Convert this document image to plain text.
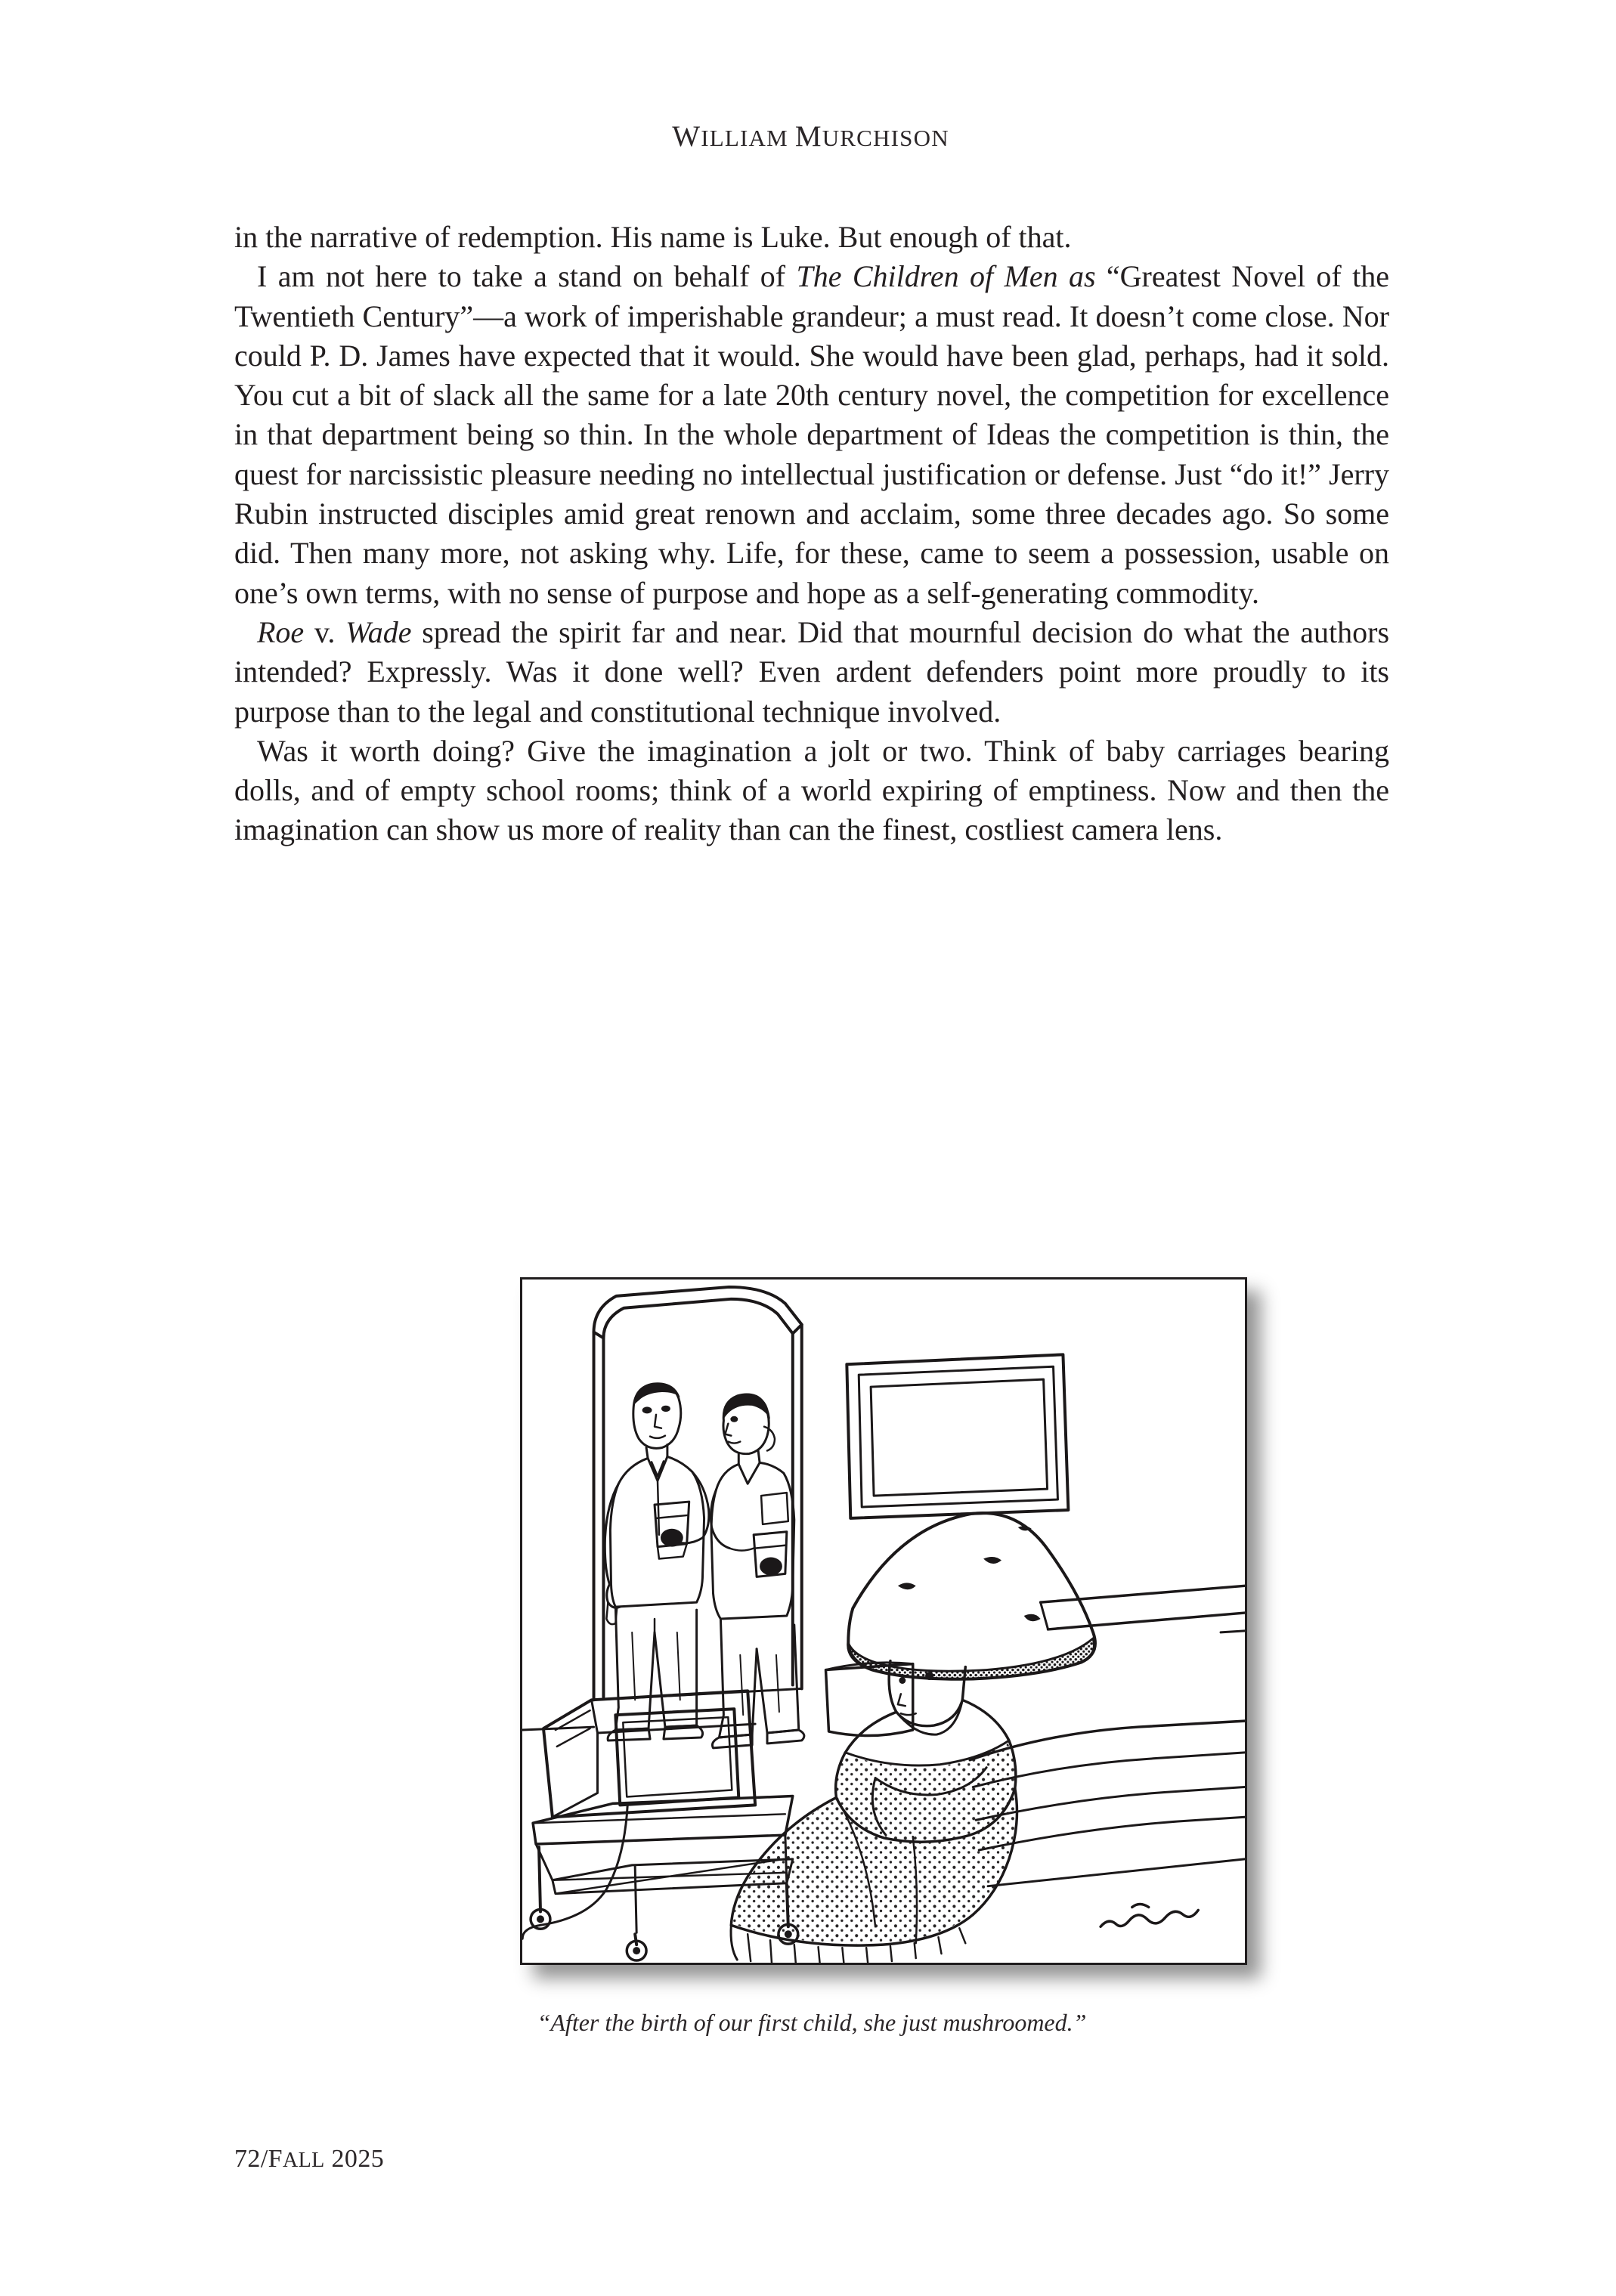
WILLIAM MURCHISON

in the narrative of redemption. His name is Luke. But enough of that.

I am not here to take a stand on behalf of The Children of Men as “Greatest Novel of the Twentieth Century”—a work of imperishable grandeur; a must read. It doesn’t come close. Nor could P. D. James have expected that it would. She would have been glad, perhaps, had it sold. You cut a bit of slack all the same for a late 20th century novel, the competition for excellence in that department being so thin. In the whole department of Ideas the competition is thin, the quest for narcissistic pleasure needing no intellectual justification or defense. Just “do it!” Jerry Rubin instructed disciples amid great renown and acclaim, some three decades ago. So some did. Then many more, not asking why. Life, for these, came to seem a possession, usable on one’s own terms, with no sense of purpose and hope as a self-generating commodity.

Roe v. Wade spread the spirit far and near. Did that mournful decision do what the authors intended? Expressly. Was it done well? Even ardent defenders point more proudly to its purpose than to the legal and constitutional technique involved.

Was it worth doing? Give the imagination a jolt or two. Think of baby carriages bearing dolls, and of empty school rooms; think of a world expiring of emptiness. Now and then the imagination can show us more of reality than can the finest, costliest camera lens.

“After the birth of our first child, she just mushroomed.”
72/FALL 2025
